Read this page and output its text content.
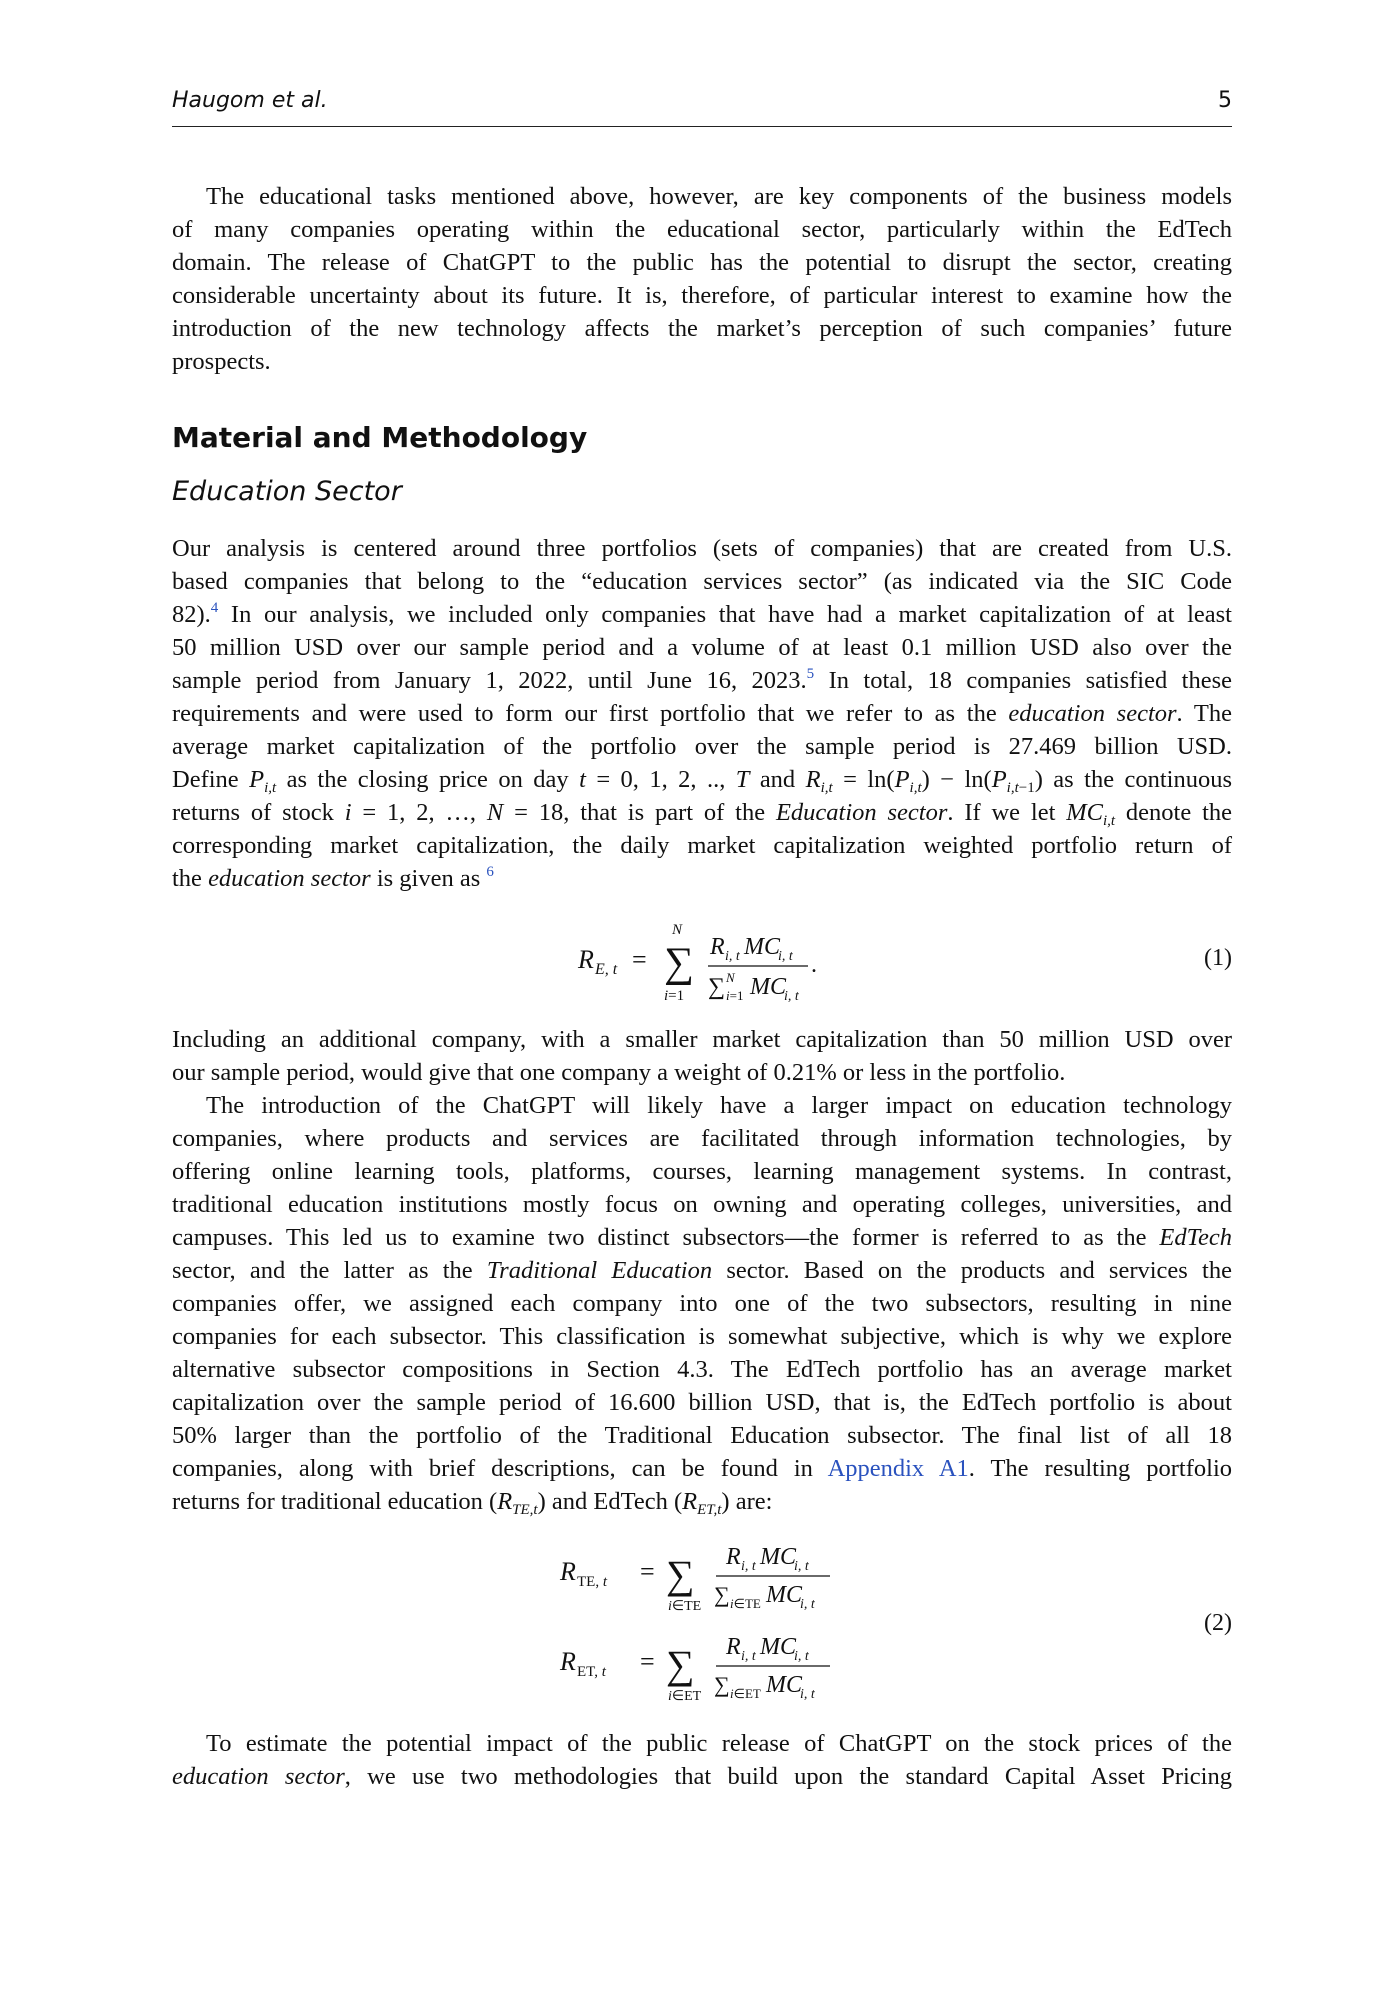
Haugom et al.	5
The educational tasks mentioned above, however, are key components of the business models
of many companies operating within the educational sector, particularly within the EdTech
domain. The release of ChatGPT to the public has the potential to disrupt the sector, creating
considerable uncertainty about its future. It is, therefore, of particular interest to examine how the
introduction of the new technology affects the market’s perception of such companies’ future
prospects.
Material and Methodology
Education Sector
Our analysis is centered around three portfolios (sets of companies) that are created from U.S.
based companies that belong to the “education services sector” (as indicated via the SIC Code
82).$^4$ In our analysis, we included only companies that have had a market capitalization of at least
50 million USD over our sample period and a volume of at least 0.1 million USD also over the
sample period from January 1, 2022, until June 16, 2023.$^5$ In total, 18 companies satisfied these
requirements and were used to form our first portfolio that we refer to as the education sector. The
average market capitalization of the portfolio over the sample period is 27.469 billion USD.
Define $P_{i,t}$ as the closing price on day t = 0, 1, 2, .., T and $R_{i,t} = \ln(P_{i,t}) - \ln(P_{i,t-1})$ as the continuous
returns of stock i = 1, 2, …, N = 18, that is part of the Education sector. If we let $MC_{i,t}$ denote the
corresponding market capitalization, the daily market capitalization weighted portfolio return of
the education sector is given as $^6$
R E, t =
N
∑
i=1
R i, t MC
i, t
∑ N
i=1 MC
i, t
.	(1)
Including an additional company, with a smaller market capitalization than 50 million USD over
our sample period, would give that one company a weight of 0.21% or less in the portfolio.
The introduction of the ChatGPT will likely have a larger impact on education technology
companies, where products and services are facilitated through information technologies, by
offering online learning tools, platforms, courses, learning management systems. In contrast,
traditional education institutions mostly focus on owning and operating colleges, universities, and
campuses. This led us to examine two distinct subsectors—the former is referred to as the EdTech
sector, and the latter as the Traditional Education sector. Based on the products and services the
companies offer, we assigned each company into one of the two subsectors, resulting in nine
companies for each subsector. This classification is somewhat subjective, which is why we explore
alternative subsector compositions in Section 4.3. The EdTech portfolio has an average market
capitalization over the sample period of 16.600 billion USD, that is, the EdTech portfolio is about
50% larger than the portfolio of the Traditional Education subsector. The final list of all 18
companies, along with brief descriptions, can be found in Appendix A1. The resulting portfolio
returns for traditional education $(R_{TE,t})$ and EdTech $(R_{ET,t})$ are:
R TE, t = ∑
i∈TE
R i, t MC
i, t
∑ i∈TE MC
i, t
R ET, t = ∑
i∈ET
R i, t MC
i, t
∑ i∈ET MC
i, t
(2)
To estimate the potential impact of the public release of ChatGPT on the stock prices of the
education sector, we use two methodologies that build upon the standard Capital Asset Pricing
